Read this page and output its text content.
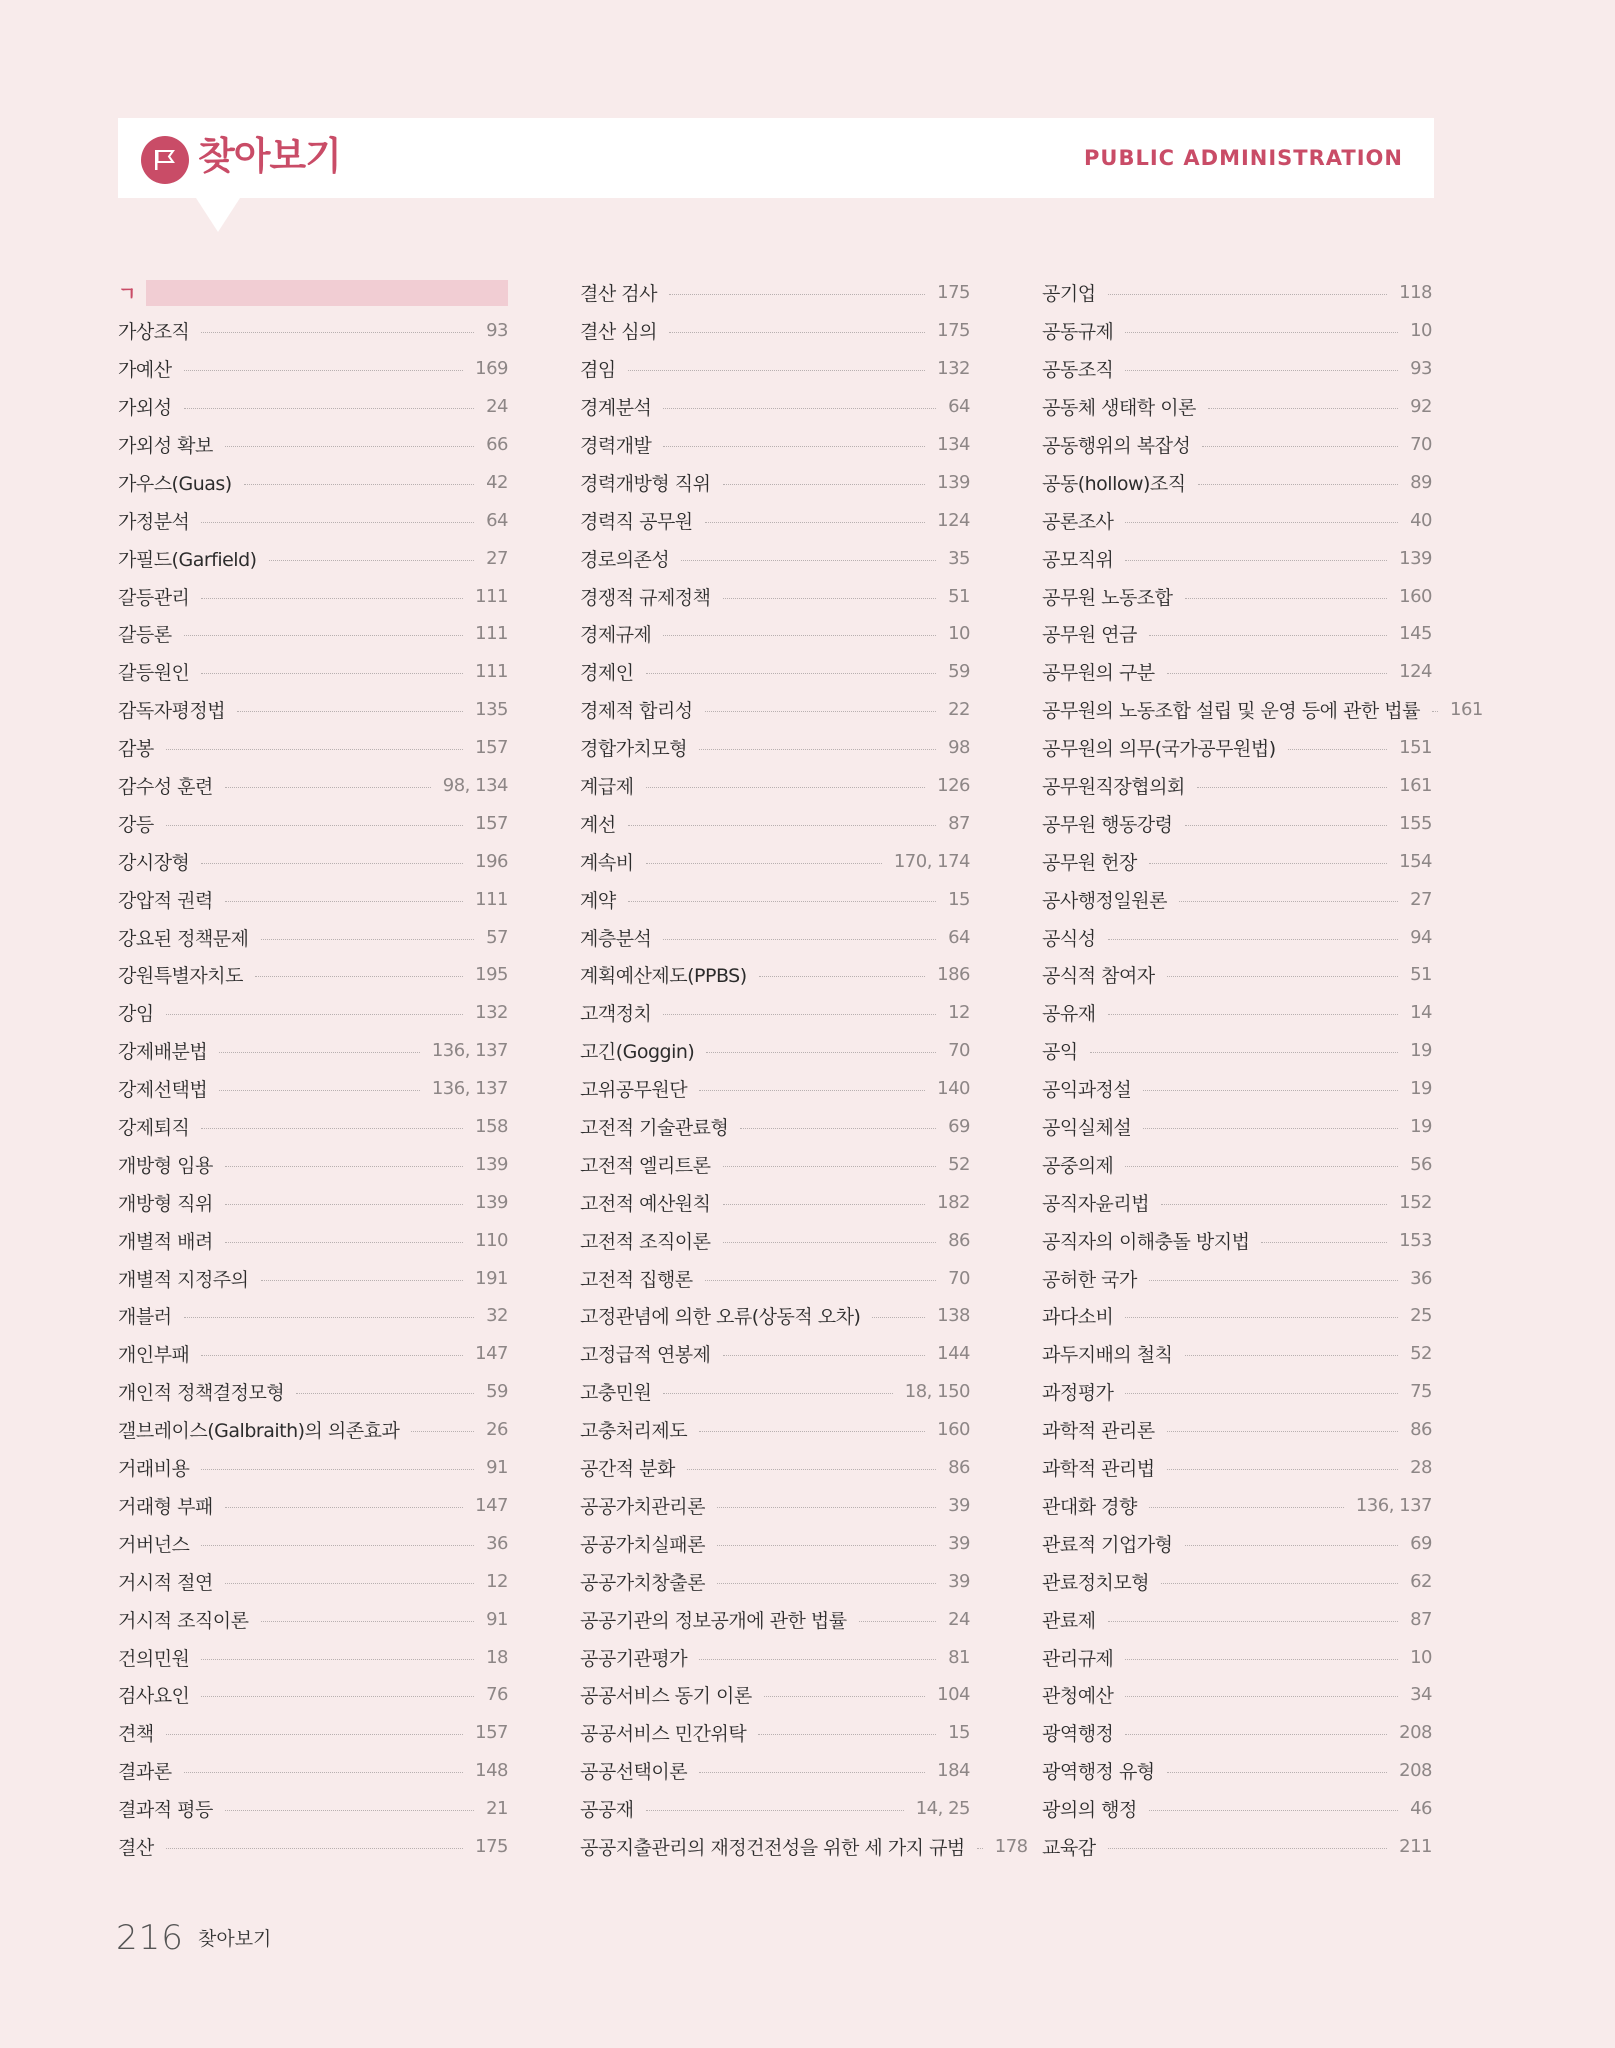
찾아보기	PUBLIC ADMINISTRATION
ㄱ
가상조직	93
가예산	169
가외성	24
가외성 확보	66
가우스(Guas)	42
가정분석	64
가필드(Garfield)	27
갈등관리	111
갈등론	111
갈등원인	111
감독자평정법	135
감봉	157
감수성 훈련	98, 134
강등	157
강시장형	196
강압적 권력	111
강요된 정책문제	57
강원특별자치도	195
강임	132
강제배분법	136, 137
강제선택법	136, 137
강제퇴직	158
개방형 임용	139
개방형 직위	139
개별적 배려	110
개별적 지정주의	191
개블러	32
개인부패	147
개인적 정책결정모형	59
갤브레이스(Galbraith)의 의존효과	26
거래비용	91
거래형 부패	147
거버넌스	36
거시적 절연	12
거시적 조직이론	91
건의민원	18
검사요인	76
견책	157
결과론	148
결과적 평등	21
결산	175
결산 검사	175
결산 심의	175
겸임	132
경계분석	64
경력개발	134
경력개방형 직위	139
경력직 공무원	124
경로의존성	35
경쟁적 규제정책	51
경제규제	10
경제인	59
경제적 합리성	22
경합가치모형	98
계급제	126
계선	87
계속비	170, 174
계약	15
계층분석	64
계획예산제도(PPBS)	186
고객정치	12
고긴(Goggin)	70
고위공무원단	140
고전적 기술관료형	69
고전적 엘리트론	52
고전적 예산원칙	182
고전적 조직이론	86
고전적 집행론	70
고정관념에 의한 오류(상동적 오차)	138
고정급적 연봉제	144
고충민원	18, 150
고충처리제도	160
공간적 분화	86
공공가치관리론	39
공공가치실패론	39
공공가치창출론	39
공공기관의 정보공개에 관한 법률	24
공공기관평가	81
공공서비스 동기 이론	104
공공서비스 민간위탁	15
공공선택이론	184
공공재	14, 25
공공지출관리의 재정건전성을 위한 세 가지 규범 178
공기업	118
공동규제	10
공동조직	93
공동체 생태학 이론	92
공동행위의 복잡성	70
공동(hollow)조직	89
공론조사	40
공모직위	139
공무원 노동조합	160
공무원 연금	145
공무원의 구분	124
공무원의 노동조합 설립 및 운영 등에 관한 법률 161
공무원의 의무(국가공무원법)	151
공무원직장협의회	161
공무원 행동강령	155
공무원 헌장	154
공사행정일원론	27
공식성	94
공식적 참여자	51
공유재	14
공익	19
공익과정설	19
공익실체설	19
공중의제	56
공직자윤리법	152
공직자의 이해충돌 방지법	153
공허한 국가	36
과다소비	25
과두지배의 철칙	52
과정평가	75
과학적 관리론	86
과학적 관리법	28
관대화 경향	136, 137
관료적 기업가형	69
관료정치모형	62
관료제	87
관리규제	10
관청예산	34
광역행정	208
광역행정 유형	208
광의의 행정	46
교육감	211
216 찾아보기
